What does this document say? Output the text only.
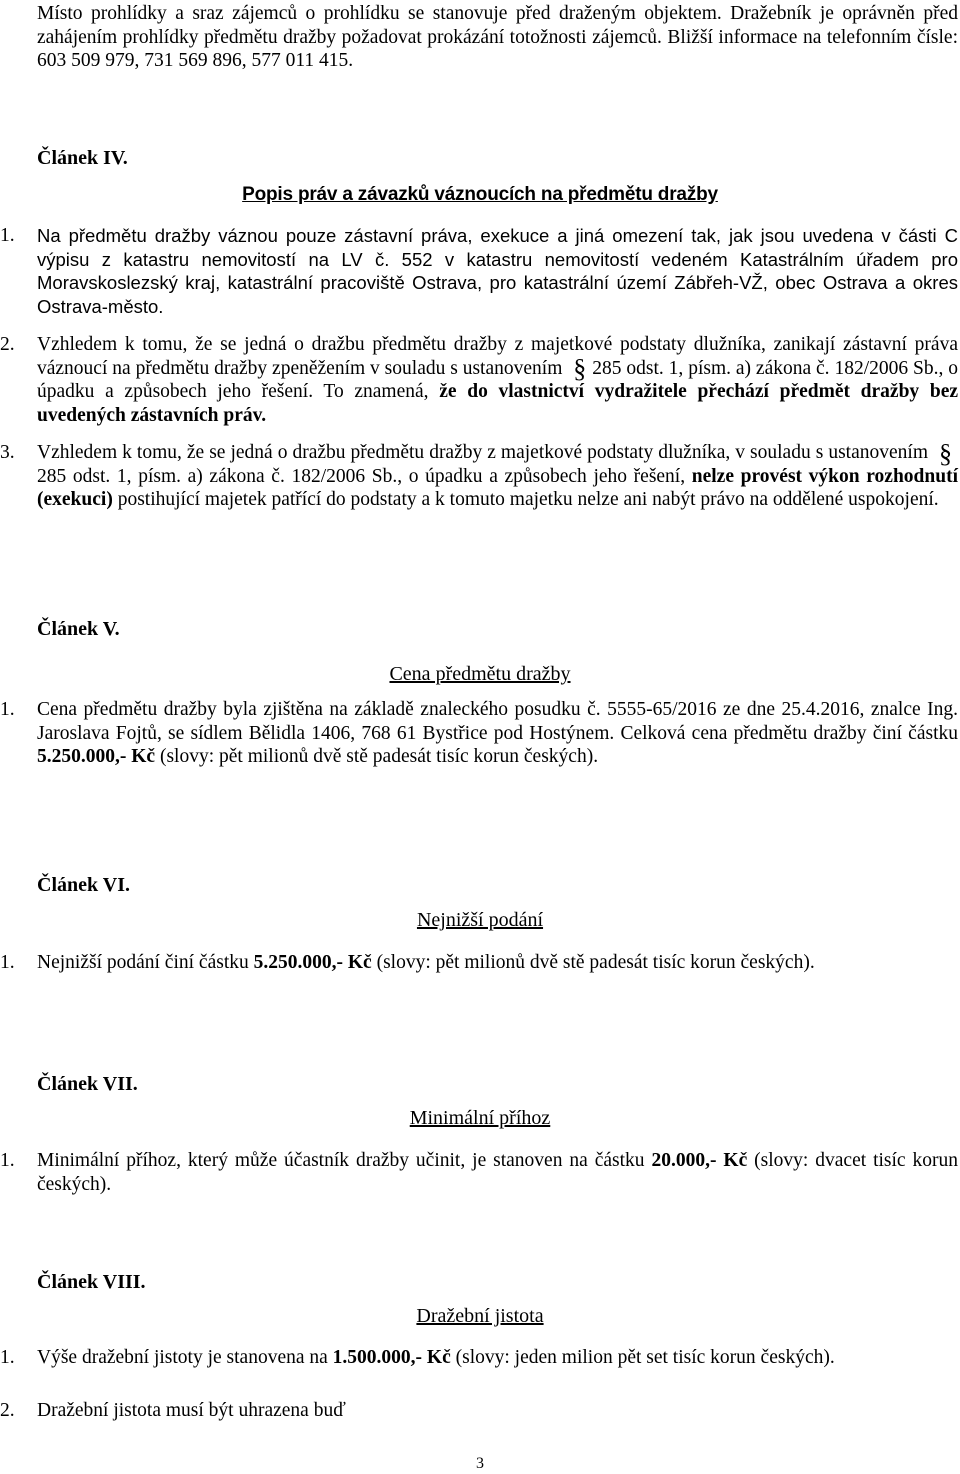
Místo prohlídky a sraz zájemců o prohlídku se stanovuje před draženým objektem. Dražebník je oprávněn před zahájením prohlídky předmětu dražby požadovat prokázání totožnosti zájemců. Bližší informace na telefonním čísle: 603 509 979, 731 569 896, 577 011 415.
Článek IV.
Popis práv a závazků váznoucích na předmětu dražby
1. Na předmětu dražby váznou pouze zástavní práva, exekuce a jiná omezení tak, jak jsou uvedena v části C výpisu z katastru nemovitostí na LV č. 552 v katastru nemovitostí vedeném Katastrálním úřadem pro Moravskoslezský kraj, katastrální pracoviště Ostrava, pro katastrální území Zábřeh-VŽ, obec Ostrava a okres Ostrava-město.
2. Vzhledem k tomu, že se jedná o dražbu předmětu dražby z majetkové podstaty dlužníka, zanikají zástavní práva váznoucí na předmětu dražby zpeněžením v souladu s ustanovením § 285 odst. 1, písm. a) zákona č. 182/2006 Sb., o úpadku a způsobech jeho řešení. To znamená, že do vlastnictví vydražitele přechází předmět dražby bez uvedených zástavních práv.
3. Vzhledem k tomu, že se jedná o dražbu předmětu dražby z majetkové podstaty dlužníka, v souladu s ustanovením §285 odst. 1, písm. a) zákona č. 182/2006 Sb., o úpadku a způsobech jeho řešení, nelze provést výkon rozhodnutí (exekuci) postihující majetek patřící do podstaty a k tomuto majetku nelze ani nabýt právo na oddělené uspokojení.
Článek V.
Cena předmětu dražby
1. Cena předmětu dražby byla zjištěna na základě znaleckého posudku č. 5555-65/2016 ze dne 25.4.2016, znalce Ing. Jaroslava Fojtů, se sídlem Bělidla 1406, 768 61 Bystřice pod Hostýnem. Celková cena předmětu dražby činí částku 5.250.000,- Kč (slovy: pět milionů dvě stě padesát tisíc korun českých).
Článek VI.
Nejnižší podání
1. Nejnižší podání činí částku 5.250.000,- Kč (slovy: pět milionů dvě stě padesát tisíc korun českých).
Článek VII.
Minimální příhoz
1. Minimální příhoz, který může účastník dražby učinit, je stanoven na částku 20.000,- Kč (slovy: dvacet tisíc korun českých).
Článek VIII.
Dražební jistota
1. Výše dražební jistoty je stanovena na 1.500.000,- Kč (slovy: jeden milion pět set tisíc korun českých).
2. Dražební jistota musí být uhrazena buď
3
